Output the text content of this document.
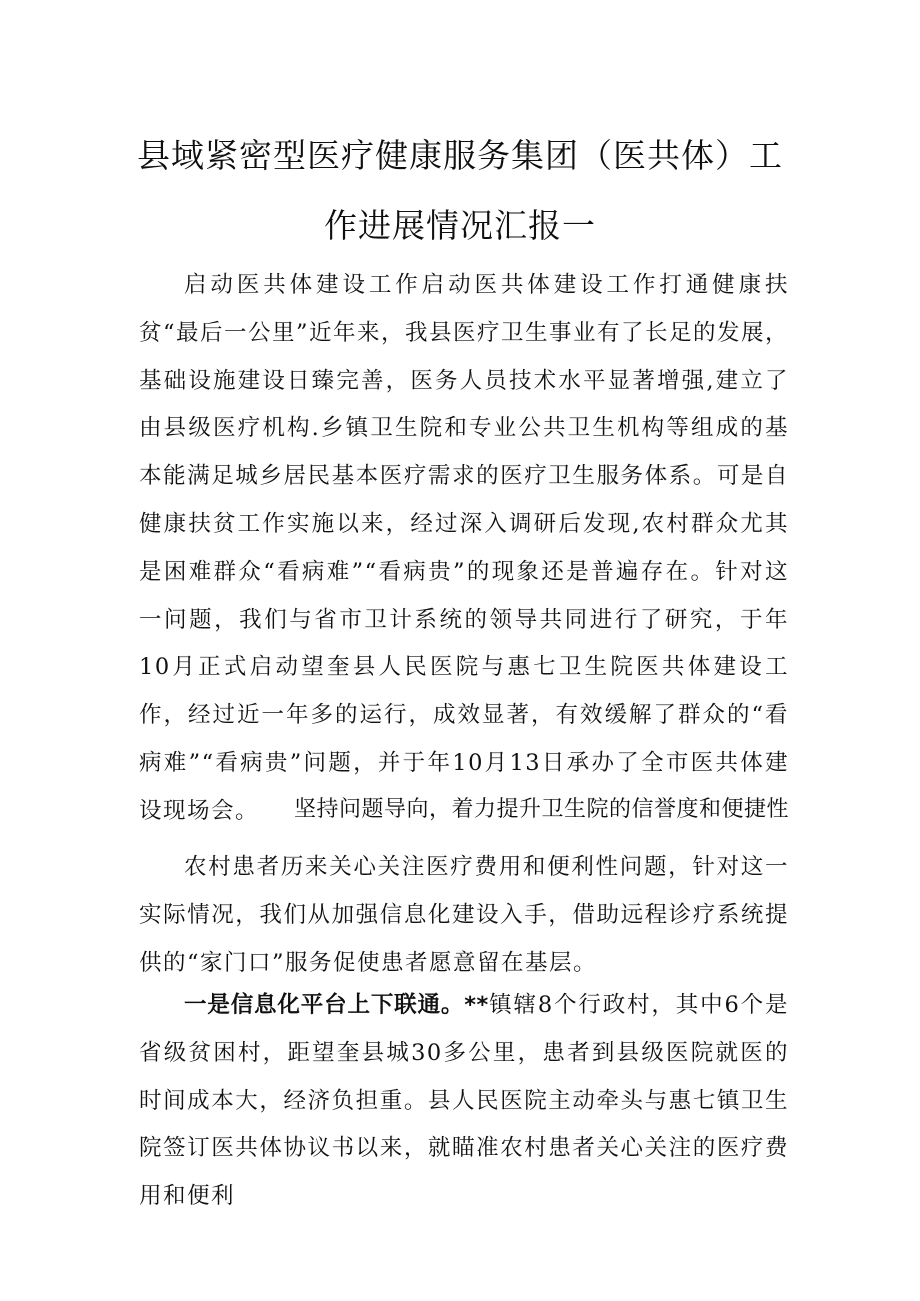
县域紧密型医疗健康服务集团（医共体）工
作进展情况汇报一

启动医共体建设工作启动医共体建设工作打通健康扶贫“最后一公里”近年来，我县医疗卫生事业有了长足的发展，基础设施建设日臻完善，医务人员技术水平显著增强,建立了由县级医疗机构.乡镇卫生院和专业公共卫生机构等组成的基本能满足城乡居民基本医疗需求的医疗卫生服务体系。可是自健康扶贫工作实施以来，经过深入调研后发现,农村群众尤其是困难群众“看病难”“看病贵”的现象还是普遍存在。针对这一问题，我们与省市卫计系统的领导共同进行了研究，于年10月正式启动望奎县人民医院与惠七卫生院医共体建设工作，经过近一年多的运行，成效显著，有效缓解了群众的“看病难”“看病贵”问题，并于年10月13日承办了全市医共体建设现场会。	坚持问题导向，着力提升卫生院的信誉度和便捷性

农村患者历来关心关注医疗费用和便利性问题，针对这一实际情况，我们从加强信息化建设入手，借助远程诊疗系统提供的“家门口”服务促使患者愿意留在基层。

一是信息化平台上下联通。**镇辖8个行政村，其中6个是省级贫困村，距望奎县城30多公里，患者到县级医院就医的时间成本大，经济负担重。县人民医院主动牵头与惠七镇卫生院签订医共体协议书以来，就瞄准农村患者关心关注的医疗费用和便利
